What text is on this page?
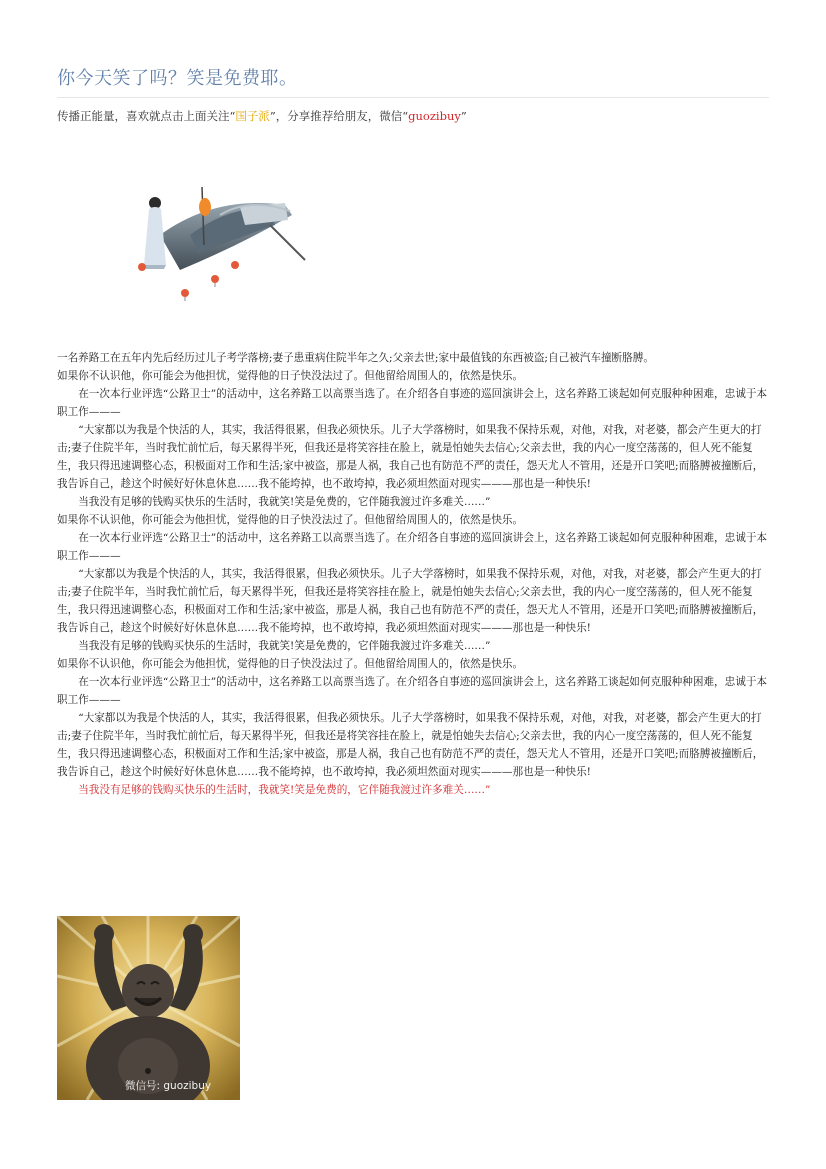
你今天笑了吗？笑是免费耶。
传播正能量，喜欢就点击上面关注“国子派”，分享推荐给朋友，微信“guozibuy”

一名养路工在五年内先后经历过儿子考学落榜;妻子患重病住院半年之久;父亲去世;家中最值钱的东西被盗;自己被汽车撞断胳膊。

如果你不认识他，你可能会为他担忧，觉得他的日子快没法过了。但他留给周围人的，依然是快乐。

在一次本行业评选“公路卫士”的活动中，这名养路工以高票当选了。在介绍各自事迹的巡回演讲会上，这名养路工谈起如何克服种种困难，忠诚于本职工作———

“大家都以为我是个快活的人，其实，我活得很累，但我必须快乐。儿子大学落榜时，如果我不保持乐观，对他，对我，对老婆，都会产生更大的打击;妻子住院半年，当时我忙前忙后，每天累得半死，但我还是将笑容挂在脸上，就是怕她失去信心;父亲去世，我的内心一度空荡荡的，但人死不能复生，我只得迅速调整心态，积极面对工作和生活;家中被盗，那是人祸，我自己也有防范不严的责任，怨天尤人不管用，还是开口笑吧;而胳膊被撞断后，我告诉自己，趁这个时候好好休息休息……我不能垮掉，也不敢垮掉，我必须坦然面对现实———那也是一种快乐!

当我没有足够的钱购买快乐的生活时，我就笑!笑是免费的，它伴随我渡过许多难关……”

如果你不认识他，你可能会为他担忧，觉得他的日子快没法过了。但他留给周围人的，依然是快乐。

在一次本行业评选“公路卫士”的活动中，这名养路工以高票当选了。在介绍各自事迹的巡回演讲会上，这名养路工谈起如何克服种种困难，忠诚于本职工作———

“大家都以为我是个快活的人，其实，我活得很累，但我必须快乐。儿子大学落榜时，如果我不保持乐观，对他，对我，对老婆，都会产生更大的打击;妻子住院半年，当时我忙前忙后，每天累得半死，但我还是将笑容挂在脸上，就是怕她失去信心;父亲去世，我的内心一度空荡荡的，但人死不能复生，我只得迅速调整心态，积极面对工作和生活;家中被盗，那是人祸，我自己也有防范不严的责任，怨天尤人不管用，还是开口笑吧;而胳膊被撞断后，我告诉自己，趁这个时候好好休息休息……我不能垮掉，也不敢垮掉，我必须坦然面对现实———那也是一种快乐!

当我没有足够的钱购买快乐的生活时，我就笑!笑是免费的，它伴随我渡过许多难关……”

如果你不认识他，你可能会为他担忧，觉得他的日子快没法过了。但他留给周围人的，依然是快乐。

在一次本行业评选“公路卫士”的活动中，这名养路工以高票当选了。在介绍各自事迹的巡回演讲会上，这名养路工谈起如何克服种种困难，忠诚于本职工作———

“大家都以为我是个快活的人，其实，我活得很累，但我必须快乐。儿子大学落榜时，如果我不保持乐观，对他，对我，对老婆，都会产生更大的打击;妻子住院半年，当时我忙前忙后，每天累得半死，但我还是将笑容挂在脸上，就是怕她失去信心;父亲去世，我的内心一度空荡荡的，但人死不能复生，我只得迅速调整心态，积极面对工作和生活;家中被盗，那是人祸，我自己也有防范不严的责任，怨天尤人不管用，还是开口笑吧;而胳膊被撞断后，我告诉自己，趁这个时候好好休息休息……我不能垮掉，也不敢垮掉，我必须坦然面对现实———那也是一种快乐!

当我没有足够的钱购买快乐的生活时，我就笑!笑是免费的，它伴随我渡过许多难关……”

微信号: guozibuy
